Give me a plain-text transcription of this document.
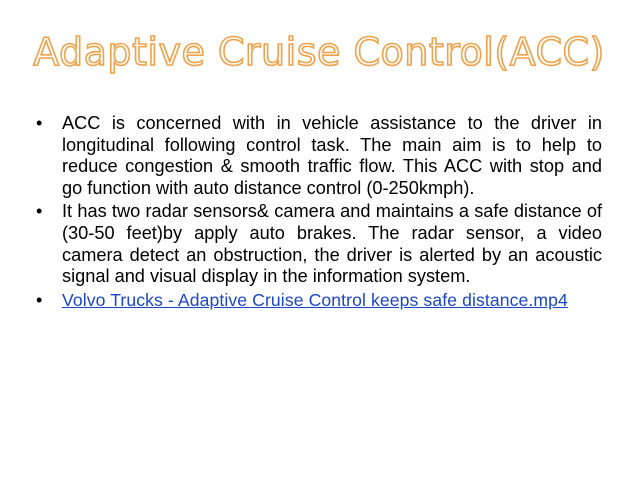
Adaptive Cruise Control(ACC)
•	ACC is concerned with in vehicle assistance to the driver in longitudinal following control task. The main aim is to help to reduce congestion & smooth traffic flow. This ACC with stop and go function with auto distance control (0-250kmph).
•	It has two radar sensors& camera and maintains a safe distance of (30-50 feet)by apply auto brakes. The radar sensor, a video camera detect an obstruction, the driver is alerted by an acoustic signal and visual display in the information system.
•	Volvo Trucks - Adaptive Cruise Control keeps safe distance.mp4
